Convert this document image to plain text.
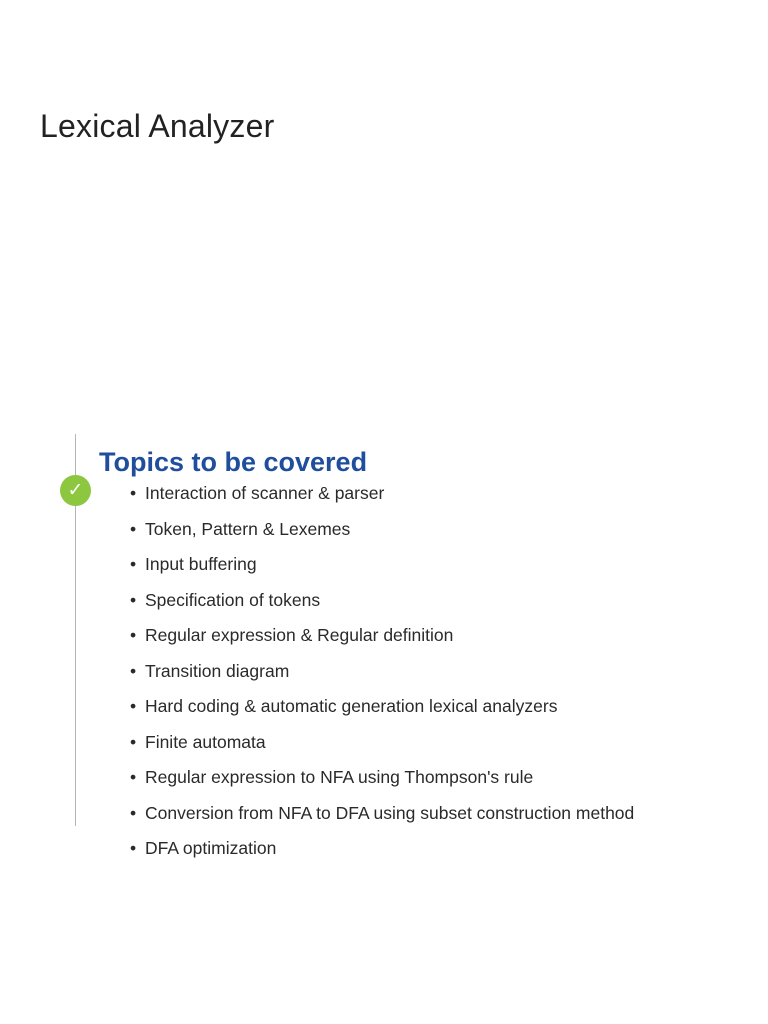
Lexical Analyzer
✓
Topics to be covered
• Interaction of scanner & parser
• Token, Pattern & Lexemes
• Input buffering
• Specification of tokens
• Regular expression & Regular definition
• Transition diagram
• Hard coding & automatic generation lexical analyzers
• Finite automata
• Regular expression to NFA using Thompson's rule
• Conversion from NFA to DFA using subset construction method
• DFA optimization
